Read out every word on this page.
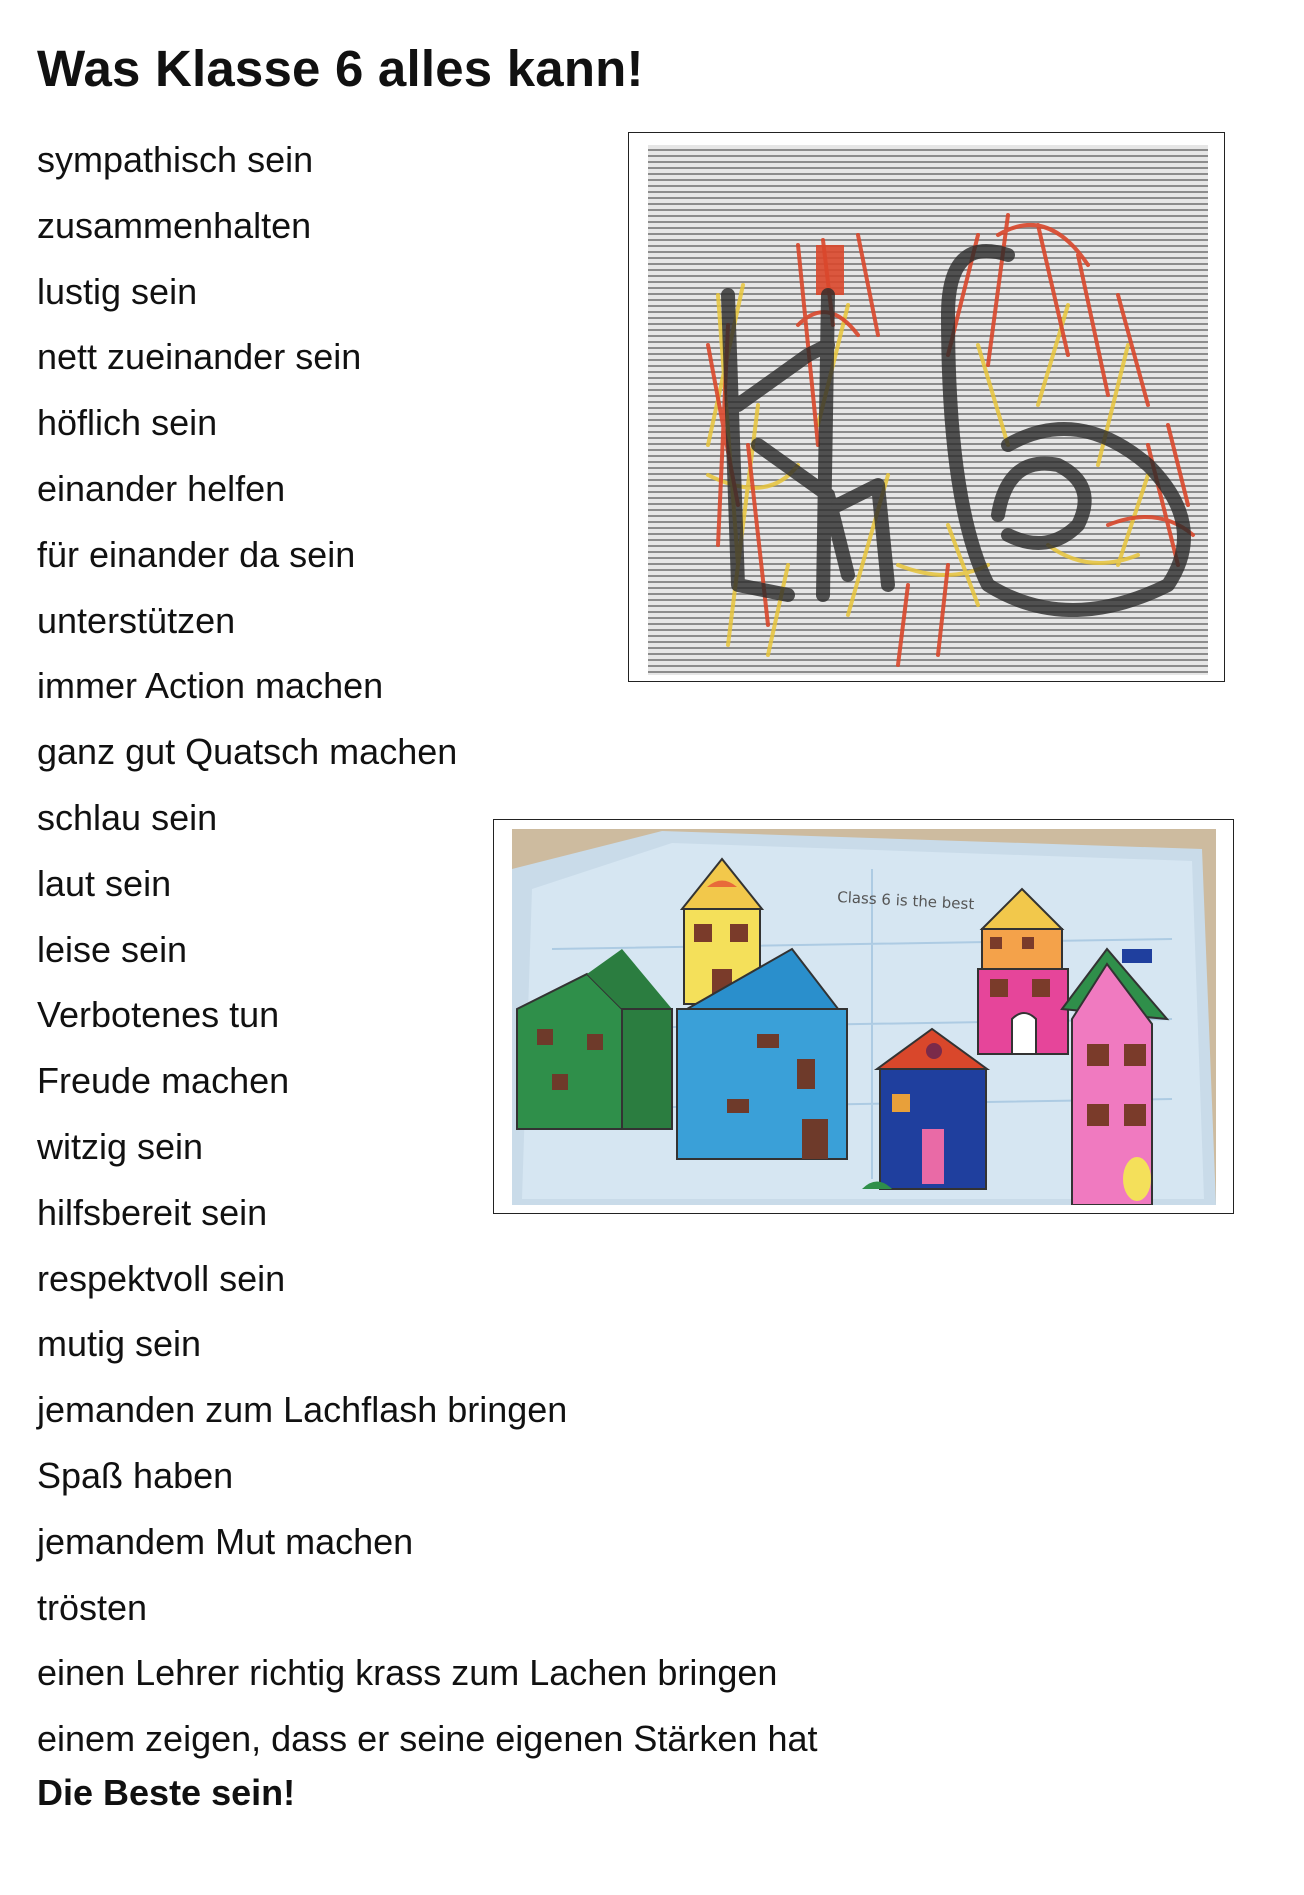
Was Klasse 6 alles kann!
sympathisch sein
zusammenhalten
lustig sein
nett zueinander sein
höflich sein
einander helfen
für einander da sein
unterstützen
immer Action machen
ganz gut Quatsch machen
schlau sein
laut sein
leise sein
Verbotenes tun
Freude machen
witzig sein
hilfsbereit sein
respektvoll sein
mutig sein
jemanden zum Lachflash bringen
Spaß haben
jemandem Mut machen
trösten
einen Lehrer richtig krass zum Lachen bringen
einem zeigen, dass er seine eigenen Stärken hat

Die Beste sein!

Class 6 is the best
